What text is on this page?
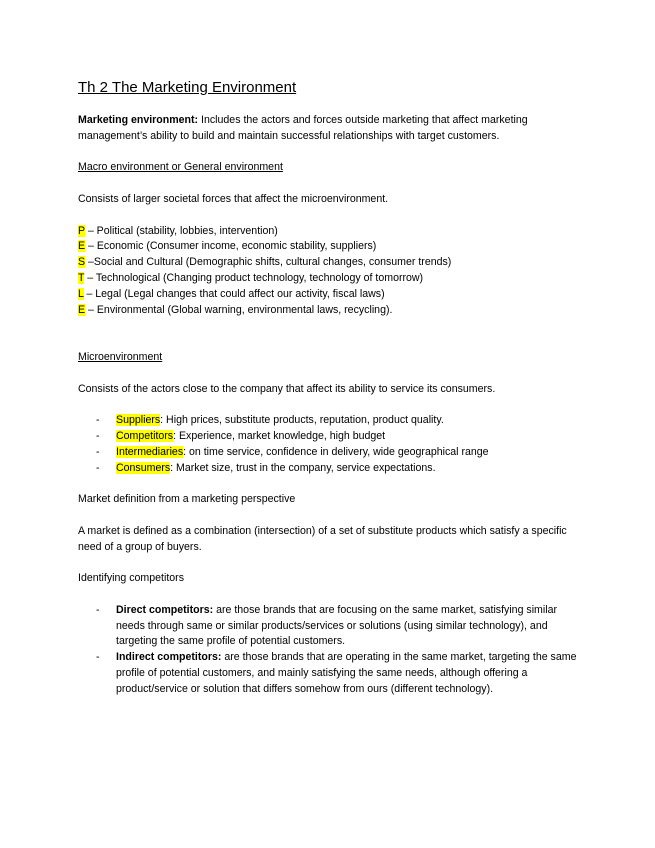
Th 2 The Marketing Environment

Marketing environment: Includes the actors and forces outside marketing that affect marketing management’s ability to build and maintain successful relationships with target customers.

Macro environment or General environment

Consists of larger societal forces that affect the microenvironment.

P – Political (stability, lobbies, intervention)
E – Economic (Consumer income, economic stability, suppliers)
S –Social and Cultural (Demographic shifts, cultural changes, consumer trends)
T – Technological (Changing product technology, technology of tomorrow)
L – Legal (Legal changes that could affect our activity, fiscal laws)
E – Environmental (Global warning, environmental laws, recycling).

Microenvironment

Consists of the actors close to the company that affect its ability to service its consumers.

- Suppliers: High prices, substitute products, reputation, product quality.
- Competitors: Experience, market knowledge, high budget
- Intermediaries: on time service, confidence in delivery, wide geographical range
- Consumers: Market size, trust in the company, service expectations.

Market definition from a marketing perspective

A market is defined as a combination (intersection) of a set of substitute products which satisfy a specific need of a group of buyers.

Identifying competitors

- Direct competitors: are those brands that are focusing on the same market, satisfying similar needs through same or similar products/services or solutions (using similar technology), and targeting the same profile of potential customers.
- Indirect competitors: are those brands that are operating in the same market, targeting the same profile of potential customers, and mainly satisfying the same needs, although offering a product/service or solution that differs somehow from ours (different technology).
